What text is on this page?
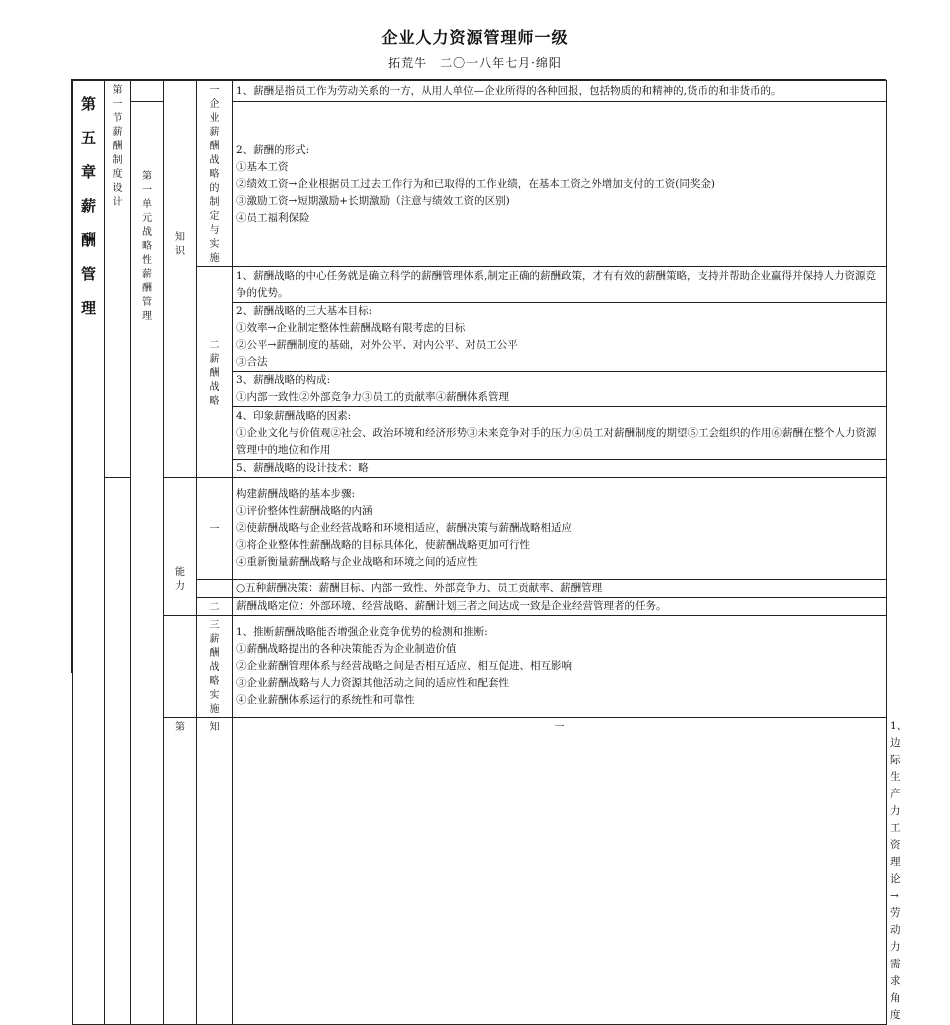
企业人力资源管理师一级
拓荒牛　二〇一八年七月·绵阳
第五章薪酬管理	第一节薪酬制度设计		知识	一企业薪酬战略的制定与实施	1、薪酬是指员工作为劳动关系的一方，从用人单位—企业所得的各种回报，包括物质的和精神的,货币的和非货币的。	

		第一单元战略性薪酬管理			2、薪酬的形式:
①基本工资
②绩效工资→企业根据员工过去工作行为和已取得的工作业绩，在基本工资之外增加支付的工资(同奖金)
③激励工资→短期激励+长期激励（注意与绩效工资的区别)
④员工福利保险	

				二薪酬战略	1、薪酬战略的中心任务就是确立科学的薪酬管理体系,制定正确的薪酬政策，才有有效的薪酬策略，支持并帮助企业赢得并保持人力资源竞争的优势。	

					2、薪酬战略的三大基本目标:
①效率→企业制定整体性薪酬战略有限考虑的目标
②公平→薪酬制度的基础，对外公平、对内公平、对员工公平
③合法	

					3、薪酬战略的构成:
①内部一致性②外部竞争力③员工的贡献率④薪酬体系管理	

					4、印象薪酬战略的因素:
①企业文化与价值观②社会、政治环境和经济形势③未来竞争对手的压力④员工对薪酬制度的期望⑤工会组织的作用⑥薪酬在整个人力资源管理中的地位和作用	

					5、薪酬战略的设计技术：略	

			能力	一	构建薪酬战略的基本步骤:
①评价整体性薪酬战略的内涵
②使薪酬战略与企业经营战略和环境相适应，薪酬决策与薪酬战略相适应
③将企业整体性薪酬战略的目标具体化，使薪酬战略更加可行性
④重新衡量薪酬战略与企业战略和环境之间的适应性	

					○五种薪酬决策：薪酬目标、内部一致性、外部竞争力、员工贡献率、薪酬管理	

				二	薪酬战略定位：外部环境、经营战略、薪酬计划三者之间达成一致是企业经营管理者的任务。	

				三薪酬战略实施	1、推断薪酬战略能否增强企业竞争优势的检测和推断:
①薪酬战略提出的各种决策能否为企业制造价值
②企业薪酬管理体系与经营战略之间是否相互适应、相互促进、相互影响
③企业薪酬战略与人力资源其他活动之间的适应性和配套性
④企业薪酬体系运行的系统性和可靠性	

			第	知	一	1、边际生产力工资理论→劳动力需求角度
